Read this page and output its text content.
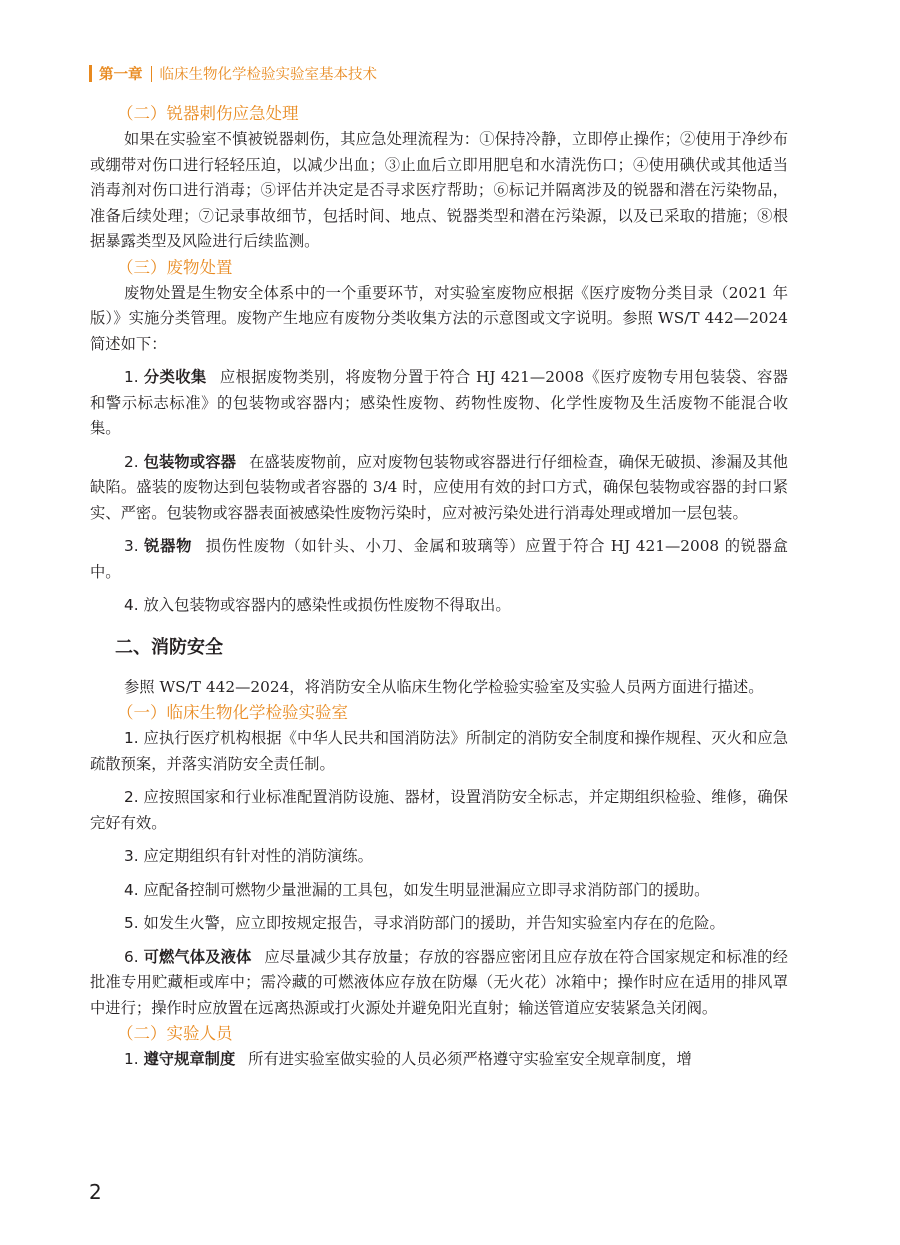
第一章 临床生物化学检验实验室基本技术
（二）锐器刺伤应急处理

如果在实验室不慎被锐器刺伤，其应急处理流程为：①保持冷静，立即停止操作；②使用于净纱布或绷带对伤口进行轻轻压迫，以减少出血；③止血后立即用肥皂和水清洗伤口；④使用碘伏或其他适当消毒剂对伤口进行消毒；⑤评估并决定是否寻求医疗帮助；⑥标记并隔离涉及的锐器和潜在污染物品，准备后续处理；⑦记录事故细节，包括时间、地点、锐器类型和潜在污染源，以及已采取的措施；⑧根据暴露类型及风险进行后续监测。

（三）废物处置

废物处置是生物安全体系中的一个重要环节，对实验室废物应根据《医疗废物分类目录（2021 年版）》实施分类管理。废物产生地应有废物分类收集方法的示意图或文字说明。参照 WS/T 442—2024 简述如下：

1. 分类收集 应根据废物类别，将废物分置于符合 HJ 421—2008《医疗废物专用包装袋、容器和警示标志标准》的包装物或容器内；感染性废物、药物性废物、化学性废物及生活废物不能混合收集。

2. 包装物或容器 在盛装废物前，应对废物包装物或容器进行仔细检查，确保无破损、渗漏及其他缺陷。盛装的废物达到包装物或者容器的 3/4 时，应使用有效的封口方式，确保包装物或容器的封口紧实、严密。包装物或容器表面被感染性废物污染时，应对被污染处进行消毒处理或增加一层包装。

3. 锐器物 损伤性废物（如针头、小刀、金属和玻璃等）应置于符合 HJ 421—2008 的锐器盒中。

4. 放入包装物或容器内的感染性或损伤性废物不得取出。

二、消防安全

参照 WS/T 442—2024，将消防安全从临床生物化学检验实验室及实验人员两方面进行描述。

（一）临床生物化学检验实验室

1. 应执行医疗机构根据《中华人民共和国消防法》所制定的消防安全制度和操作规程、灭火和应急疏散预案，并落实消防安全责任制。

2. 应按照国家和行业标准配置消防设施、器材，设置消防安全标志，并定期组织检验、维修，确保完好有效。

3. 应定期组织有针对性的消防演练。

4. 应配备控制可燃物少量泄漏的工具包，如发生明显泄漏应立即寻求消防部门的援助。

5. 如发生火警，应立即按规定报告，寻求消防部门的援助，并告知实验室内存在的危险。

6. 可燃气体及液体 应尽量减少其存放量；存放的容器应密闭且应存放在符合国家规定和标准的经批准专用贮藏柜或库中；需冷藏的可燃液体应存放在防爆（无火花）冰箱中；操作时应在适用的排风罩中进行；操作时应放置在远离热源或打火源处并避免阳光直射；输送管道应安装紧急关闭阀。

（二）实验人员

1. 遵守规章制度 所有进实验室做实验的人员必须严格遵守实验室安全规章制度，增

2
